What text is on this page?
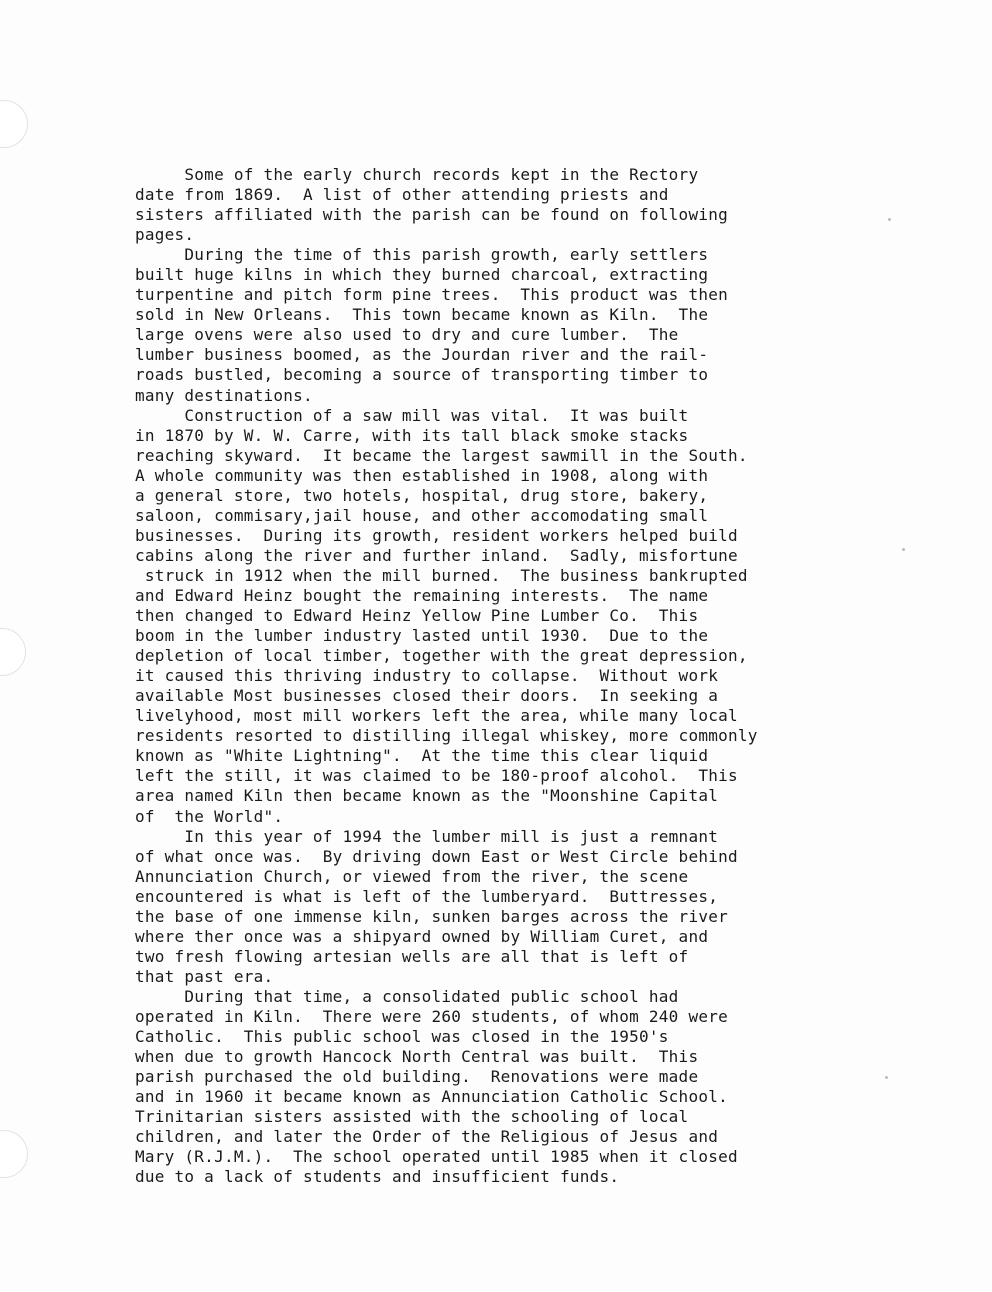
Some of the early church records kept in the Rectory
date from 1869.  A list of other attending priests and
sisters affiliated with the parish can be found on following
pages.
During the time of this parish growth, early settlers
built huge kilns in which they burned charcoal, extracting
turpentine and pitch form pine trees.  This product was then
sold in New Orleans.  This town became known as Kiln.  The
large ovens were also used to dry and cure lumber.  The
lumber business boomed, as the Jourdan river and the rail-
roads bustled, becoming a source of transporting timber to
many destinations.
Construction of a saw mill was vital.  It was built
in 1870 by W. W. Carre, with its tall black smoke stacks
reaching skyward.  It became the largest sawmill in the South.
A whole community was then established in 1908, along with
a general store, two hotels, hospital, drug store, bakery,
saloon, commisary,jail house, and other accomodating small
businesses.  During its growth, resident workers helped build
cabins along the river and further inland.  Sadly, misfortune
struck in 1912 when the mill burned.  The business bankrupted
and Edward Heinz bought the remaining interests.  The name
then changed to Edward Heinz Yellow Pine Lumber Co.  This
boom in the lumber industry lasted until 1930.  Due to the
depletion of local timber, together with the great depression,
it caused this thriving industry to collapse.  Without work
available Most businesses closed their doors.  In seeking a
livelyhood, most mill workers left the area, while many local
residents resorted to distilling illegal whiskey, more commonly
known as "White Lightning".  At the time this clear liquid
left the still, it was claimed to be 180-proof alcohol.  This
area named Kiln then became known as the "Moonshine Capital
of  the World".
In this year of 1994 the lumber mill is just a remnant
of what once was.  By driving down East or West Circle behind
Annunciation Church, or viewed from the river, the scene
encountered is what is left of the lumberyard.  Buttresses,
the base of one immense kiln, sunken barges across the river
where ther once was a shipyard owned by William Curet, and
two fresh flowing artesian wells are all that is left of
that past era.
During that time, a consolidated public school had
operated in Kiln.  There were 260 students, of whom 240 were
Catholic.  This public school was closed in the 1950's
when due to growth Hancock North Central was built.  This
parish purchased the old building.  Renovations were made
and in 1960 it became known as Annunciation Catholic School.
Trinitarian sisters assisted with the schooling of local
children, and later the Order of the Religious of Jesus and
Mary (R.J.M.).  The school operated until 1985 when it closed
due to a lack of students and insufficient funds.
